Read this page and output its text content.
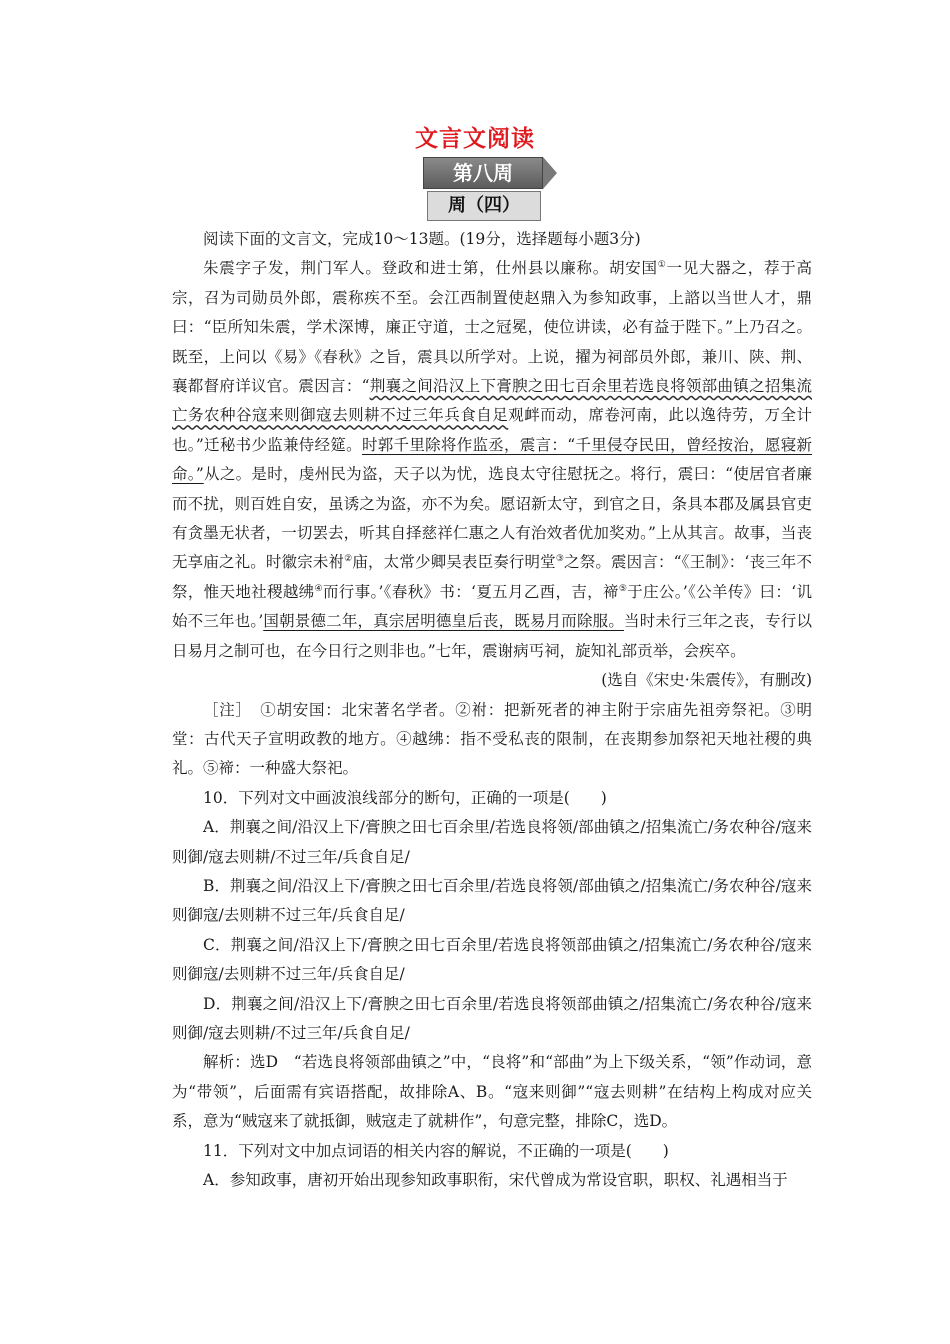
文言文阅读
第八周
周（四）

阅读下面的文言文，完成10～13题。(19分，选择题每小题3分)

朱震字子发，荆门军人。登政和进士第，仕州县以廉称。胡安国①一见大器之，荐于高宗，召为司勋员外郎，震称疾不至。会江西制置使赵鼎入为参知政事，上諮以当世人才，鼎曰：“臣所知朱震，学术深博，廉正守道，士之冠冕，使位讲读，必有益于陛下。”上乃召之。既至，上问以《易》《春秋》之旨，震具以所学对。上说，擢为祠部员外郎，兼川、陕、荆、襄都督府详议官。震因言：“荆襄之间沿汉上下膏腴之田七百余里若选良将领部曲镇之招集流亡务农种谷寇来则御寇去则耕不过三年兵食自足观衅而动，席卷河南，此以逸待劳，万全计也。”迁秘书少监兼侍经筵。时郭千里除将作监丞，震言：“千里侵夺民田，曾经按治，愿寝新命。”从之。是时，虔州民为盗，天子以为忧，选良太守往慰抚之。将行，震曰：“使居官者廉而不扰，则百姓自安，虽诱之为盗，亦不为矣。愿诏新太守，到官之日，条具本郡及属县官吏有贪墨无状者，一切罢去，听其自择慈祥仁惠之人有治效者优加奖劝。”上从其言。故事，当丧无享庙之礼。时徽宗未祔②庙，太常少卿吴表臣奏行明堂③之祭。震因言：“《王制》：‘丧三年不祭，惟天地社稷越绋④而行事。’《春秋》书：‘夏五月乙酉，吉，禘⑤于庄公。’《公羊传》曰：‘讥始不三年也。’国朝景德二年，真宗居明德皇后丧，既易月而除服。当时未行三年之丧，专行以日易月之制可也，在今日行之则非也。”七年，震谢病丐祠，旋知礼部贡举，会疾卒。

(选自《宋史·朱震传》，有删改)

［注］　①胡安国：北宋著名学者。②祔：把新死者的神主附于宗庙先祖旁祭祀。③明堂：古代天子宣明政教的地方。④越绋：指不受私丧的限制，在丧期参加祭祀天地社稷的典礼。⑤禘：一种盛大祭祀。

10．下列对文中画波浪线部分的断句，正确的一项是(　　)

A．荆襄之间/沿汉上下/膏腴之田七百余里/若选良将领/部曲镇之/招集流亡/务农种谷/寇来则御/寇去则耕/不过三年/兵食自足/

B．荆襄之间/沿汉上下/膏腴之田七百余里/若选良将领/部曲镇之/招集流亡/务农种谷/寇来则御寇/去则耕不过三年/兵食自足/

C．荆襄之间/沿汉上下/膏腴之田七百余里/若选良将领部曲镇之/招集流亡/务农种谷/寇来则御寇/去则耕不过三年/兵食自足/

D．荆襄之间/沿汉上下/膏腴之田七百余里/若选良将领部曲镇之/招集流亡/务农种谷/寇来则御/寇去则耕/不过三年/兵食自足/

解析：选D　“若选良将领部曲镇之”中，“良将”和“部曲”为上下级关系，“领”作动词，意为“带领”，后面需有宾语搭配，故排除A、B。“寇来则御”“寇去则耕”在结构上构成对应关系，意为“贼寇来了就抵御，贼寇走了就耕作”，句意完整，排除C，选D。

11．下列对文中加点词语的相关内容的解说，不正确的一项是(　　)

A．参知政事，唐初开始出现参知政事职衔，宋代曾成为常设官职，职权、礼遇相当于
